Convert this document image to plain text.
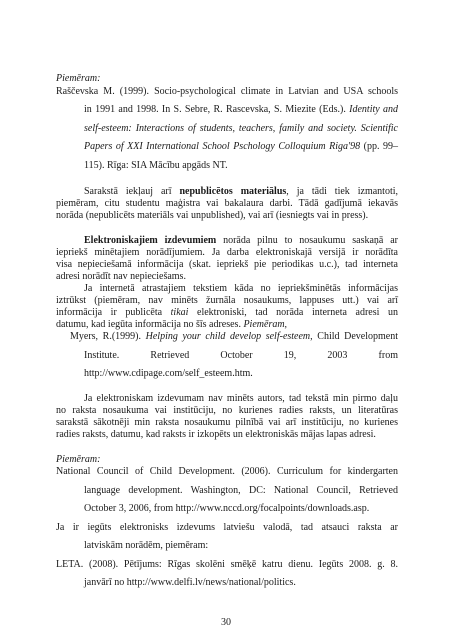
Piemēram:
Raščevska M. (1999). Socio-psychological climate in Latvian and USA schools
in 1991 and 1998. In S. Sebre, R. Rascevska, S. Miezite (Eds.). Identity and
self-esteem: Interactions of students, teachers, family and society. Scientific
Papers of XXI International School Pschology Colloquium Riga'98 (pp. 99–
115). Rīga: SIA Mācību apgāds NT.
Sarakstā iekļauj arī nepublicētos materiālus, ja tādi tiek izmantoti,
piemēram, citu studentu maģistra vai bakalaura darbi. Tādā gadījumā iekavās
norāda (nepublicēts materiāls vai unpublished), vai arī (iesniegts vai in press).
Elektroniskajiem izdevumiem norāda pilnu to nosaukumu saskaņā ar
iepriekš minētajiem norādījumiem. Ja darba elektroniskajā versijā ir norādīta
visa nepieciešamā informācija (skat. iepriekš pie periodikas u.c.), tad interneta
adresi norādīt nav nepieciešams.
Ja internetā atrastajiem tekstiem kāda no iepriekšminētās informācijas
iztrūkst (piemēram, nav minēts žurnāla nosaukums, lappuses utt.) vai arī
informācija ir publicēta tikai elektroniski, tad norāda interneta adresi un
datumu, kad iegūta informācija no šīs adreses. Piemēram,
Myers, R.(1999). Helping your child develop self-esteem, Child Development
Institute. Retrieved October 19, 2003 from
http://www.cdipage.com/self_esteem.htm.
Ja elektroniskam izdevumam nav minēts autors, tad tekstā min pirmo daļu
no raksta nosaukuma vai institūciju, no kurienes radies raksts, un literatūras
sarakstā sākotnēji min raksta nosaukumu pilnībā vai arī institūciju, no kurienes
radies raksts, datumu, kad raksts ir izkopēts un elektroniskās mājas lapas adresi.
Piemēram:
National Council of Child Development. (2006). Curriculum for kindergarten
language development. Washington, DC: National Council, Retrieved
October 3, 2006, from http://www.nccd.org/focalpoints/downloads.asp.
Ja ir iegūts elektronisks izdevums latviešu valodā, tad atsauci raksta ar
latviskām norādēm, piemēram:
LETA. (2008). Pētījums: Rīgas skolēni smēķē katru dienu. Iegūts 2008. g. 8.
janvārī no http://www.delfi.lv/news/national/politics.
30
